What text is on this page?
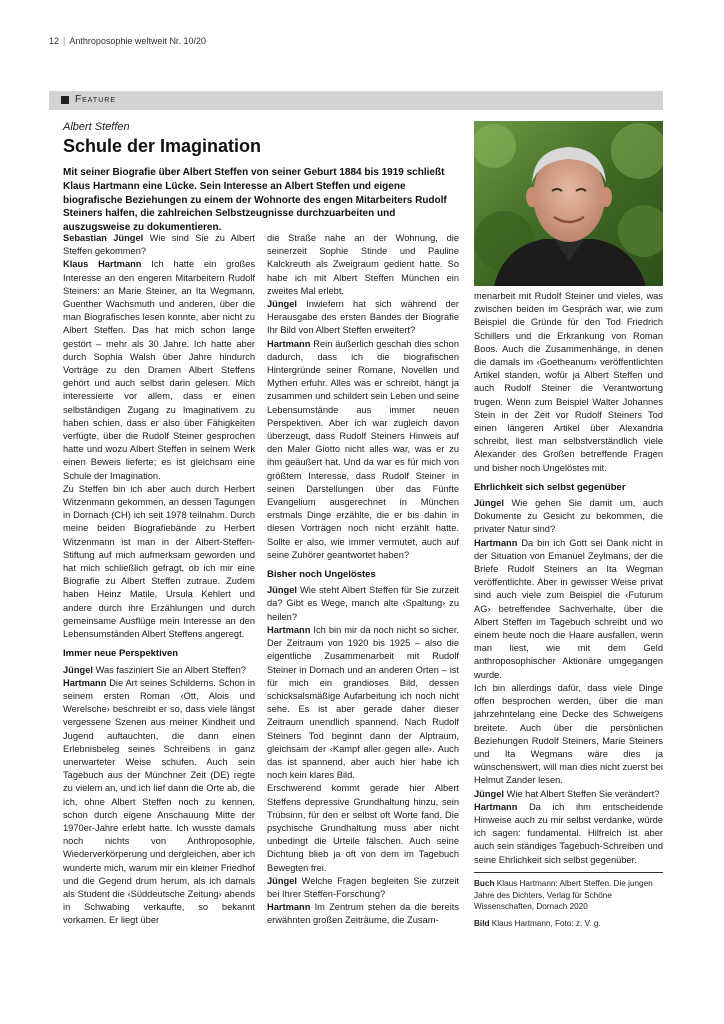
12 | Anthroposophie weltweit Nr. 10/20
Feature
Albert Steffen
Schule der Imagination

Mit seiner Biografie über Albert Steffen von seiner Geburt 1884 bis 1919 schließt Klaus Hartmann eine Lücke. Sein Interesse an Albert Steffen und eigene biografische Beziehungen zu einem der Wohnorte des engen Mitarbeiters Rudolf Steiners halfen, die zahlreichen Selbstzeugnisse durchzuarbeiten und auszugsweise zu dokumentieren.

Sebastian Jüngel Wie sind Sie zu Albert Steffen gekommen?

Klaus Hartmann Ich hatte ein großes Interesse an den engeren Mitarbeitern Rudolf Steiners: an Marie Steiner, an Ita Wegmann, Guenther Wachsmuth und anderen, über die man Biografisches lesen konnte, aber nicht zu Albert Steffen. Das hat mich schon lange gestört – mehr als 30 Jahre. Ich hatte aber durch Sophia Walsh über Jahre hindurch Vorträge zu den Dramen Albert Steffens gehört und auch selbst darin gelesen. Mich interessierte vor allem, dass er einen selbständigen Zugang zu Imaginativem zu haben schien, dass er also über Fähigkeiten verfügte, über die Rudolf Steiner gesprochen hatte und wozu Albert Steffen in seinem Werk einen Beweis lieferte; es ist gleichsam eine Schule der Imagination.

Zu Steffen bin ich aber auch durch Herbert Witzenmann gekommen, an dessen Tagungen in Dornach (CH) ich seit 1978 teilnahm. Durch meine beiden Biografiebände zu Herbert Witzenmann ist man in der Albert-Steffen-Stiftung auf mich aufmerksam geworden und hat mich schließlich gefragt, ob ich mir eine Biografie zu Albert Steffen zutraue. Zudem haben Heinz Matile, Ursula Kehlert und andere durch ihre Erzählungen und durch gemeinsame Ausflüge mein Interesse an den Lebensumständen Albert Steffens angeregt.

Immer neue Perspektiven

Jüngel Was fasziniert Sie an Albert Steffen?

Hartmann Die Art seines Schilderns. Schon in seinem ersten Roman ‹Ott, Alois und Werelsche› beschreibt er so, dass viele längst vergessene Szenen aus meiner Kindheit und Jugend auftauchten, die dann einen Erlebnisbeleg seines Schreibens in ganz unerwarteter Weise schufen. Auch sein Tagebuch aus der Münchner Zeit (DE) regte zu vielem an, und ich lief dann die Orte ab, die ich, ohne Albert Steffen noch zu kennen, schon durch eigene Anschauung Mitte der 1970er-Jahre erlebt hatte. Ich wusste damals noch nichts von Anthroposophie, Wiederverkörperung und dergleichen, aber ich wunderte mich, warum mir ein kleiner Friedhof und die Gegend drum herum, als ich damals als Student die ‹Süddeutsche Zeitung› abends in Schwabing verkaufte, so bekannt vorkamen. Er liegt über

die Straße nahe an der Wohnung, die seinerzeit Sophie Stinde und Pauline Kalckreuth als Zweigraum gedient hatte. So habe ich mit Albert Steffen München ein zweites Mal erlebt.

Jüngel Inwiefern hat sich während der Herausgabe des ersten Bandes der Biografie Ihr Bild von Albert Steffen erweitert?

Hartmann Rein äußerlich geschah dies schon dadurch, dass ich die biografischen Hintergründe seiner Romane, Novellen und Mythen erfuhr. Alles was er schreibt, hängt ja zusammen und schildert sein Leben und seine Lebensumstände aus immer neuen Perspektiven. Aber ich war zugleich davon überzeugt, dass Rudolf Steiners Hinweis auf den Maler Giotto nicht alles war, was er zu ihm geäußert hat. Und da war es für mich von größtem Interesse, dass Rudolf Steiner in seinen Darstellungen über das Fünfte Evangelium ausgerechnet in München erstmals Dinge erzählte, die er bis dahin in diesen Vorträgen noch nicht erzählt hatte. Sollte er also, wie immer vermutet, auch auf seine Zuhörer geantwortet haben?

Bisher noch Ungelöstes

Jüngel Wie steht Albert Steffen für Sie zurzeit da? Gibt es Wege, manch alte ‹Spaltung› zu heilen?

Hartmann Ich bin mir da noch nicht so sicher. Der Zeitraum von 1920 bis 1925 – also die eigentliche Zusammenarbeit mit Rudolf Steiner in Dornach und an anderen Orten – ist für mich ein grandioses Bild, dessen schicksalsmäßige Aufarbeitung ich noch nicht sehe. Es ist aber gerade daher dieser Zeitraum unendlich spannend. Nach Rudolf Steiners Tod beginnt dann der Alptraum, gleichsam der ‹Kampf aller gegen alle›. Auch das ist spannend, aber auch hier habe ich noch kein klares Bild.

Erschwerend kommt gerade hier Albert Steffens depressive Grundhaltung hinzu, sein Trübsinn, für den er selbst oft Worte fand. Die psychische Grundhaltung muss aber nicht unbedingt die Urteile fälschen. Auch seine Dichtung blieb ja oft von dem im Tagebuch Bewegten frei.

Jüngel Welche Fragen begleiten Sie zurzeit bei Ihrer Steffen-Forschung?

Hartmann Im Zentrum stehen da die bereits erwähnten großen Zeiträume, die Zusam-

menarbeit mit Rudolf Steiner und vieles, was zwischen beiden im Gespräch war, wie zum Beispiel die Gründe für den Tod Friedrich Schillers und die Erkrankung von Roman Boos. Auch die Zusammenhänge, in denen die damals im ‹Goetheanum› veröffentlichten Artikel standen, wofür ja Albert Steffen und auch Rudolf Steiner die Verantwortung trugen. Wenn zum Beispiel Walter Johannes Stein in der Zeit vor Rudolf Steiners Tod einen längeren Artikel über Alexandria schreibt, liest man selbstverständlich viele Alexander des Großen betreffende Fragen und bisher noch Ungelöstes mit.

Ehrlichkeit sich selbst gegenüber

Jüngel Wie gehen Sie damit um, auch Dokumente zu Gesicht zu bekommen, die privater Natur sind?

Hartmann Da bin ich Gott sei Dank nicht in der Situation von Emanuel Zeylmans, der die Briefe Rudolf Steiners an Ita Wegman veröffentlichte. Aber in gewisser Weise privat sind auch viele zum Beispiel die ‹Futurum AG› betreffendee Sachverhalte, über die Albert Steffen im Tagebuch schreibt und wo einem heute noch die Haare ausfallen, wenn man liest, wie mit dem Geld anthroposophischer Aktionäre umgegangen wurde.

Ich bin allerdings dafür, dass viele Dinge offen besprochen werden, über die man jahrzehntelang eine Decke des Schweigens breitete. Auch über die persönlichen Beziehungen Rudolf Steiners, Marie Steiners und Ita Wegmans wäre dies ja wünschenswert, will man dies nicht zuerst bei Helmut Zander lesen.

Jüngel Wie hat Albert Steffen Sie verändert?

Hartmann Da ich ihm entscheidende Hinweise auch zu mir selbst verdanke, würde ich sagen: fundamental. Hilfreich ist aber auch sein ständiges Tagebuch-Schreiben und seine Ehrlichkeit sich selbst gegenüber.

Buch Klaus Hartmann: Albert Steffen. Die jungen Jahre des Dichters, Verlag für Schöne Wissenschaften, Dornach 2020

Bild Klaus Hartmann, Foto: z. V. g.
